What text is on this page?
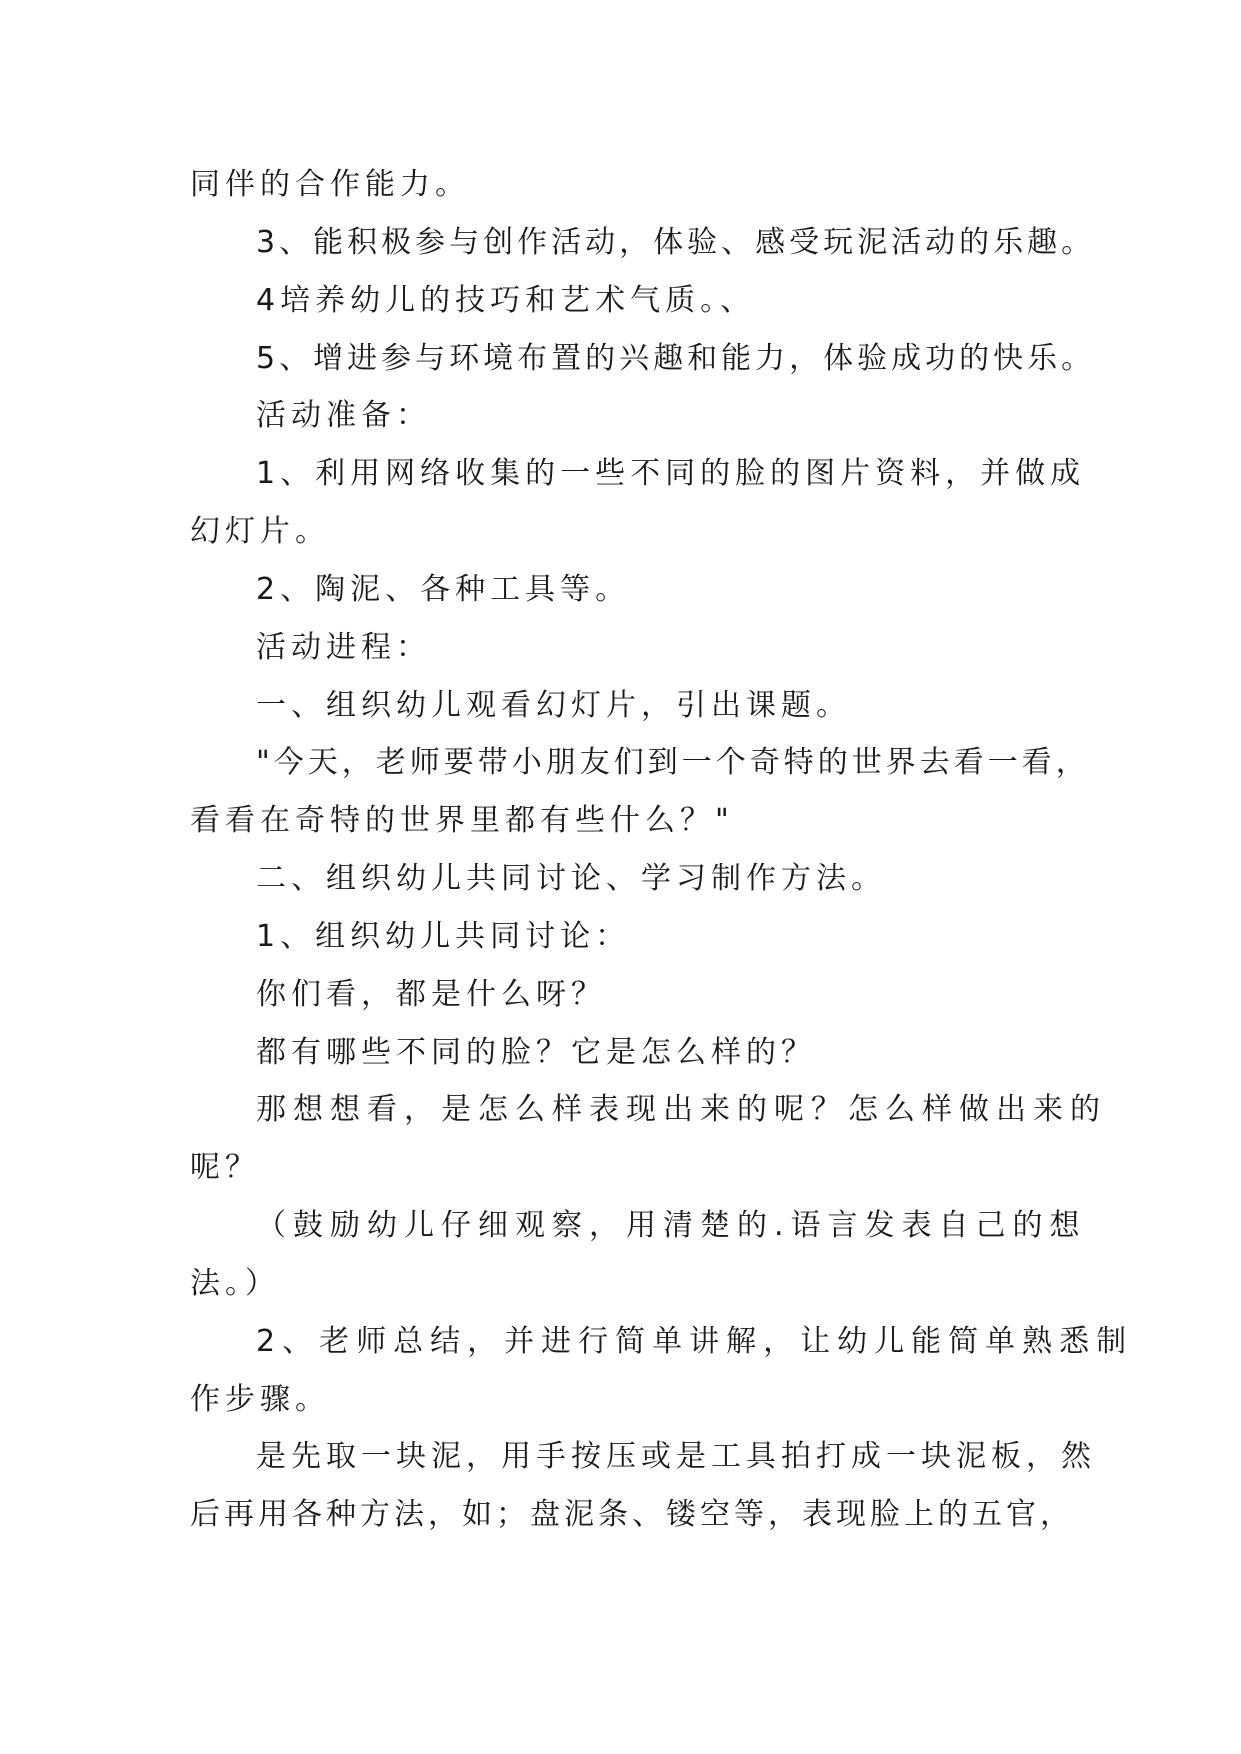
同伴的合作能力。
3、能积极参与创作活动，体验、感受玩泥活动的乐趣。
4培养幼儿的技巧和艺术气质。、
5、增进参与环境布置的兴趣和能力，体验成功的快乐。
活动准备：
1、利用网络收集的一些不同的脸的图片资料，并做成
幻灯片。
2、陶泥、各种工具等。
活动进程：
一、组织幼儿观看幻灯片，引出课题。
"今天，老师要带小朋友们到一个奇特的世界去看一看，
看看在奇特的世界里都有些什么？"
二、组织幼儿共同讨论、学习制作方法。
1、组织幼儿共同讨论：
你们看，都是什么呀？
都有哪些不同的脸？它是怎么样的？
那想想看，是怎么样表现出来的呢？怎么样做出来的
呢？
（鼓励幼儿仔细观察，用清楚的.语言发表自己的想
法。）
2、老师总结，并进行简单讲解，让幼儿能简单熟悉制
作步骤。
是先取一块泥，用手按压或是工具拍打成一块泥板，然
后再用各种方法，如；盘泥条、镂空等，表现脸上的五官，
